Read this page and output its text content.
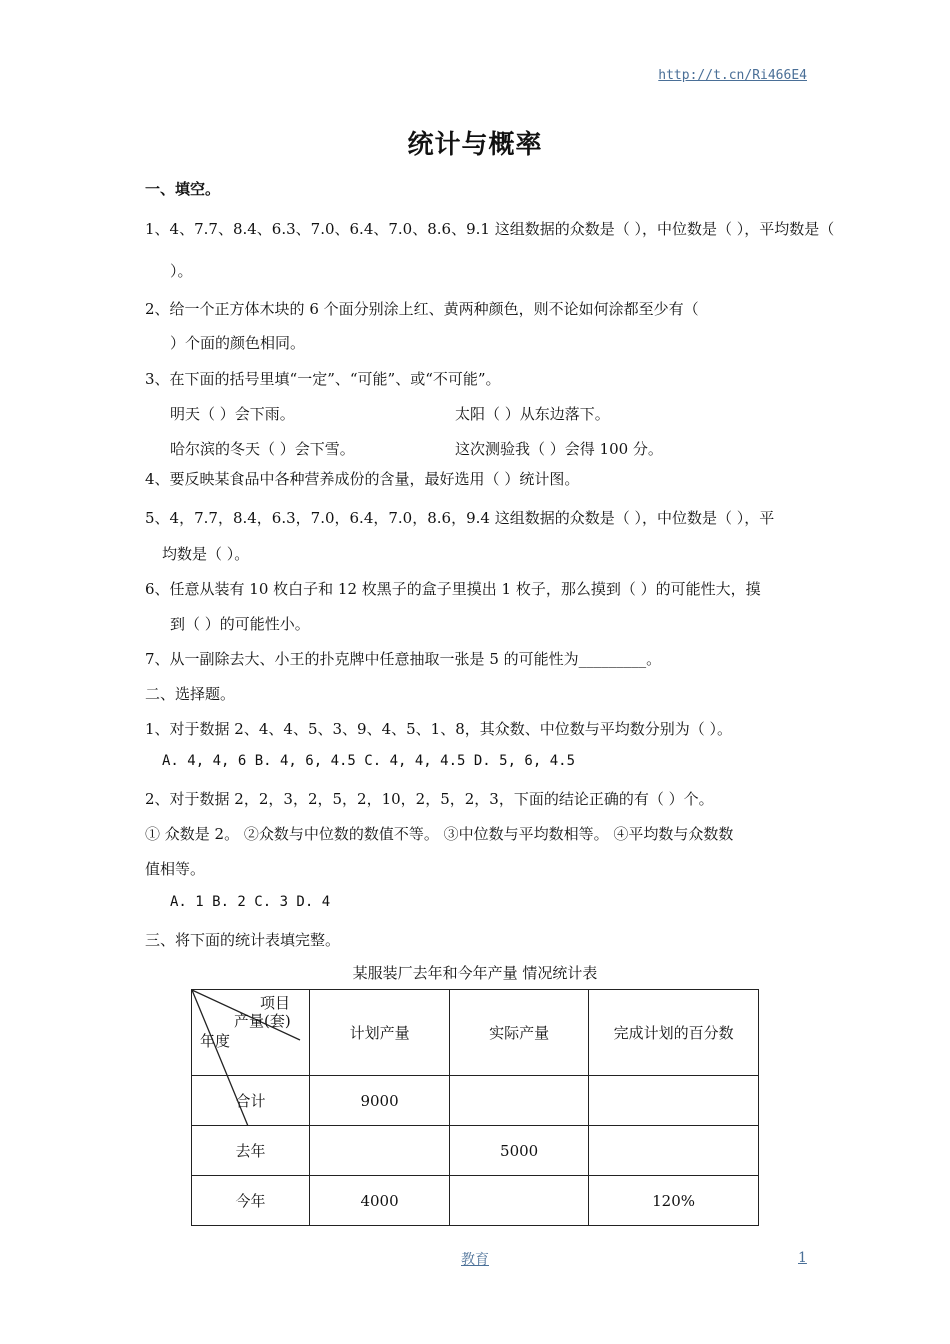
http://t.cn/Ri466E4
统计与概率
一、填空。
1、4、7.7、8.4、6.3、7.0、6.4、7.0、8.6、9.1 这组数据的众数是（ ），中位数是（ ），平均数是（
）。
2、给一个正方体木块的 6 个面分别涂上红、黄两种颜色，则不论如何涂都至少有（
）个面的颜色相同。
3、在下面的括号里填“一定”、“可能”、或“不可能”。
明天（ ）会下雨。	太阳（ ）从东边落下。
哈尔滨的冬天（ ）会下雪。	这次测验我（ ）会得 100 分。
4、要反映某食品中各种营养成份的含量，最好选用（ ）统计图。
5、4，7.7，8.4，6.3，7.0，6.4，7.0，8.6，9.4 这组数据的众数是（ ），中位数是（ ），平
均数是（ ）。
6、任意从装有 10 枚白子和 12 枚黑子的盒子里摸出 1 枚子，那么摸到（ ）的可能性大，摸
到（ ）的可能性小。
7、从一副除去大、小王的扑克牌中任意抽取一张是 5 的可能性为_________。
二、选择题。
1、对于数据 2、4、4、5、3、9、4、5、1、8，其众数、中位数与平均数分别为（ ）。
A. 4, 4, 6 B. 4, 6, 4.5 C. 4, 4, 4.5 D. 5, 6, 4.5
2、对于数据 2，2，3，2，5，2，10，2，5，2，3，下面的结论正确的有（ ）个。
① 众数是 2。 ②众数与中位数的数值不等。 ③中位数与平均数相等。 ④平均数与众数数
值相等。
A. 1 B. 2 C. 3 D. 4
三、将下面的统计表填完整。
某服装厂去年和今年产量 情况统计表
项目
产量(套)
年度	计划产量	实际产量	完成计划的百分数
合计	9000		
去年		5000	
今年	4000		120%
教育	1
